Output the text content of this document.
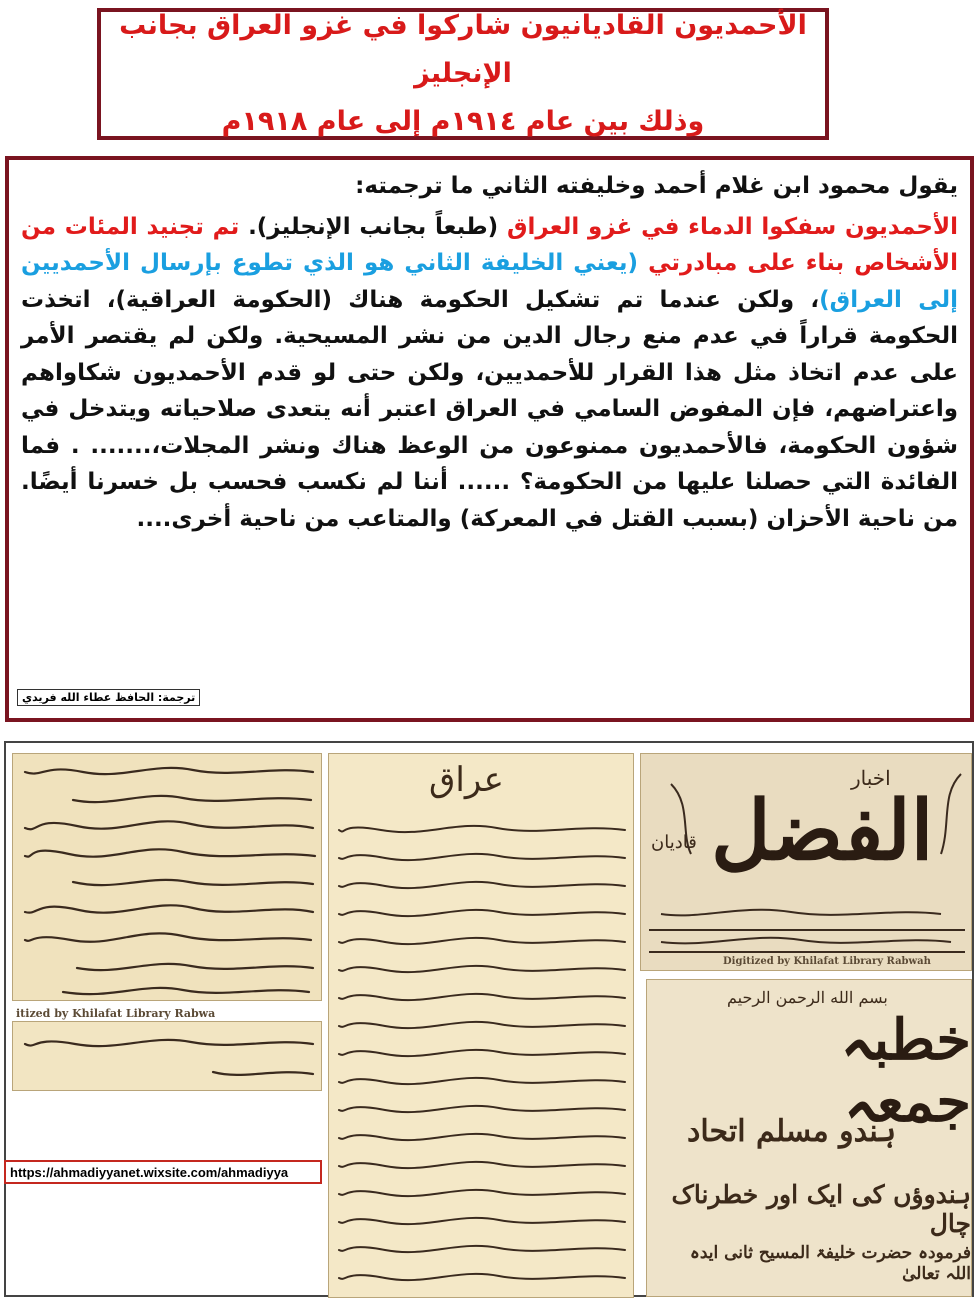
الأحمديون القاديانيون شاركوا في غزو العراق بجانب الإنجليز
وذلك بين عام ١٩١٤م إلى عام ١٩١٨م

يقول محمود ابن غلام أحمد وخليفته الثاني ما ترجمته:

الأحمديون سفكوا الدماء في غزو العراق (طبعاً بجانب الإنجليز). تم تجنيد المئات من الأشخاص بناء على مبادرتي (يعني الخليفة الثاني هو الذي تطوع بإرسال الأحمديين إلى العراق)، ولكن عندما تم تشكيل الحكومة هناك (الحكومة العراقية)، اتخذت الحكومة قراراً في عدم منع رجال الدين من نشر المسيحية. ولكن لم يقتصر الأمر على عدم اتخاذ مثل هذا القرار للأحمديين، ولكن حتى لو قدم الأحمديون شكاواهم واعتراضهم، فإن المفوض السامي في العراق اعتبر أنه يتعدى صلاحياته ويتدخل في شؤون الحكومة، فالأحمديون ممنوعون من الوعظ هناك ونشر المجلات،....... . فما الفائدة التي حصلنا عليها من الحكومة؟ ...... أننا لم نكسب فحسب بل خسرنا أيضًا. من ناحية الأحزان (بسبب القتل في المعركة) والمتاعب من ناحية أخرى....

ترجمة: الحافظ عطاء الله فريدي
itized by Khilafat Library Rabwa
عراق	اخبار
الفضل
قادیان
Digitized by Khilafat Library Rabwah
بسم الله الرحمن الرحيم
خطبہ جمعہ
ہندو مسلم اتحاد
ہندوؤں کی ایک اور خطرناک چال
فرمودہ حضرت خلیفۃ المسیح ثانی ایدہ اللہ تعالیٰ
https://ahmadiyyanet.wixsite.com/ahmadiyya
